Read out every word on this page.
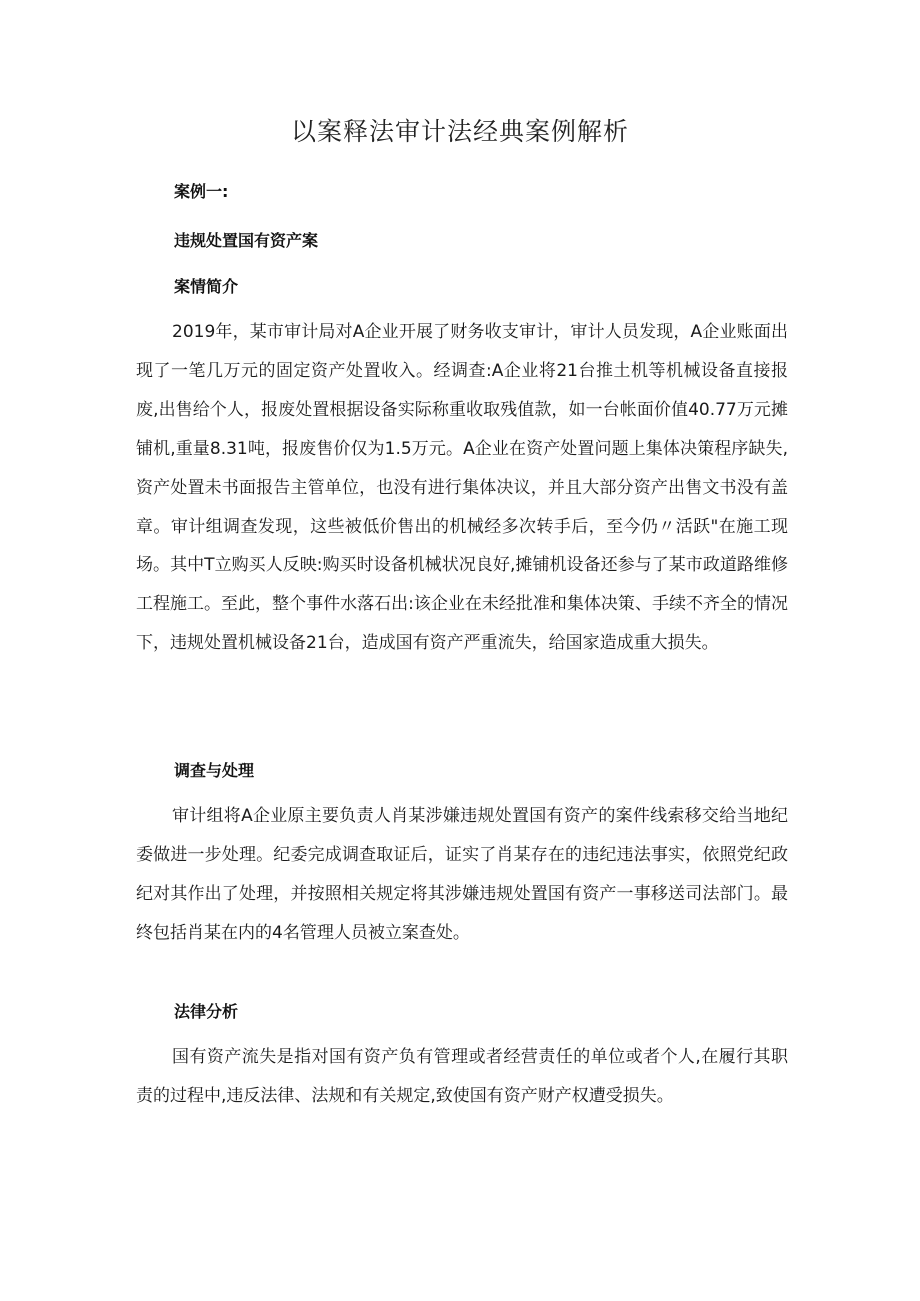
以案释法审计法经典案例解析
案例一:
违规处置国有资产案
案情简介

2019年，某市审计局对A企业开展了财务收支审计，审计人员发现，A企业账面出现了一笔几万元的固定资产处置收入。经调查:A企业将21台推土机等机械设备直接报废,出售给个人，报废处置根据设备实际称重收取残值款，如一台帐面价值40.77万元摊铺机,重量8.31吨，报废售价仅为1.5万元。A企业在资产处置问题上集体决策程序缺失,资产处置未书面报告主管单位，也没有进行集体决议，并且大部分资产出售文书没有盖章。审计组调查发现，这些被低价售出的机械经多次转手后，至今仍〃活跃"在施工现场。其中T立购买人反映:购买时设备机械状况良好,摊铺机设备还参与了某市政道路维修工程施工。至此，整个事件水落石出:该企业在未经批准和集体决策、手续不齐全的情况下，违规处置机械设备21台，造成国有资产严重流失，给国家造成重大损失。

调查与处理

审计组将A企业原主要负责人肖某涉嫌违规处置国有资产的案件线索移交给当地纪委做进一步处理。纪委完成调查取证后，证实了肖某存在的违纪违法事实，依照党纪政纪对其作出了处理，并按照相关规定将其涉嫌违规处置国有资产一事移送司法部门。最终包括肖某在内的4名管理人员被立案查处。

法律分析

国有资产流失是指对国有资产负有管理或者经营责任的单位或者个人,在履行其职责的过程中,违反法律、法规和有关规定,致使国有资产财产权遭受损失。
